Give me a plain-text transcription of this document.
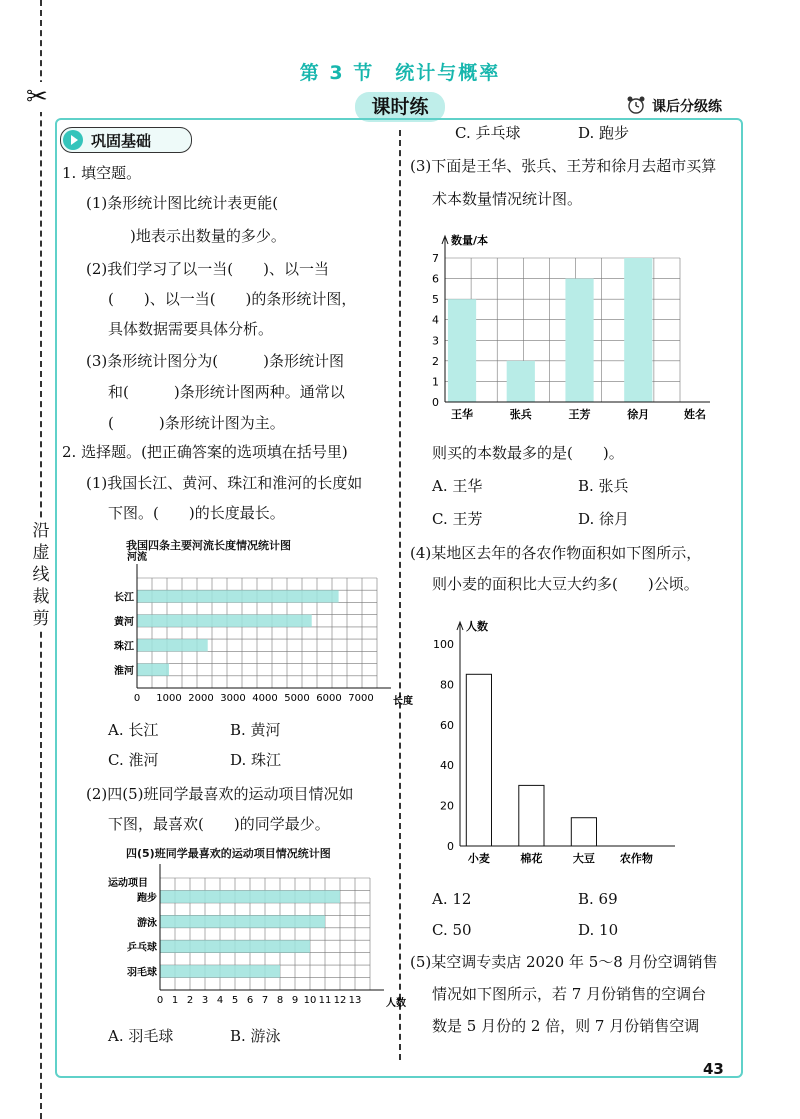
✂
沿虚线裁剪
第 3 节　统计与概率
课时练	课后分级练
巩固基础
1. 填空题。
(1)条形统计图比统计表更能(
)地表示出数量的多少。
(2)我们学习了以一当(　　)、以一当
(　　)、以一当(　　)的条形统计图，
具体数据需要具体分析。
(3)条形统计图分为(　　　)条形统计图
和(　　　)条形统计图两种。通常以
(　　　)条形统计图为主。
2. 选择题。(把正确答案的选项填在括号里)
(1)我国长江、黄河、珠江和淮河的长度如
下图。(　　)的长度最长。
我国四条主要河流长度情况统计图
长江
黄河
珠江
淮河
0 1000 2000 3000 4000 5000 6000 7000 长度
河流
A. 长江	B. 黄河
C. 淮河	D. 珠江
(2)四(5)班同学最喜欢的运动项目情况如
下图，最喜欢(　　)的同学最少。
四(5)班同学最喜欢的运动项目情况统计图
跑步
游泳
乒乓球
羽毛球
0 1 2 3 4 5 6 7 8 9 10 11 12 13 人数
运动项目
A. 羽毛球	B. 游泳
C. 乒乓球	D. 跑步
(3)下面是王华、张兵、王芳和徐月去超市买算
术本数量情况统计图。
王华	张兵	王芳	徐月
0
1
2
3
4
5
6
7
数量/本
姓名
则买的本数最多的是(　　)。
A. 王华	B. 张兵
C. 王芳	D. 徐月
(4)某地区去年的各农作物面积如下图所示，
则小麦的面积比大豆大约多(　　)公顷。
小麦	棉花	大豆 农作物
0
20
40
60
80
100
人数
A. 12	B. 69
C. 50	D. 10
(5)某空调专卖店 2020 年 5～8 月份空调销售
情况如下图所示，若 7 月份销售的空调台
数是 5 月份的 2 倍，则 7 月份销售空调
43
